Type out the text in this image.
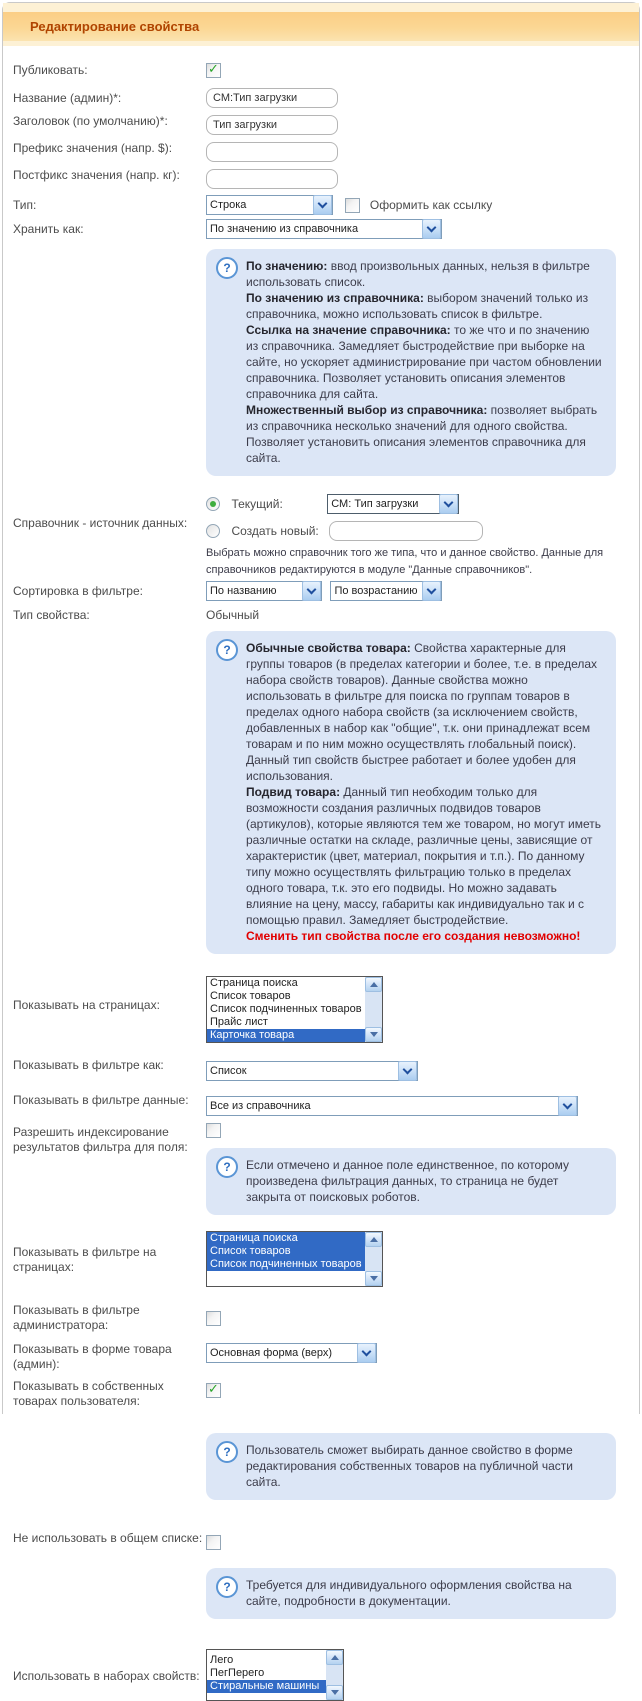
Редактирование свойства
Публиковать:	✓
Название (админ)*:
СМ:Тип загрузки
Заголовок (по умолчанию)*:
Тип загрузки
Префикс значения (напр. $):
Постфикс значения (напр. кг):
Тип:	Строка	Оформить как ссылку
Хранить как:	По значению из справочника
?	По значению: ввод произвольных данных, нельзя в фильтре использовать список.
По значению из справочника: выбором значений только из справочника, можно использовать список в фильтре.
Ссылка на значение справочника: то же что и по значению из справочника. Замедляет быстродействие при выборке на сайте, но ускоряет администрирование при частом обновлении справочника. Позволяет установить описания элементов справочника для сайта.
Множественный выбор из справочника: позволяет выбрать из справочника несколько значений для одного свойства. Позволяет установить описания элементов справочника для сайта.
Справочник - источник данных:
Текущий:	СМ: Тип загрузки
Создать новый:
Выбрать можно справочник того же типа, что и данное свойство. Данные для справочников редактируются в модуле "Данные справочников".
Сортировка в фильтре:	По названию
	По возрастанию
Тип свойства:	Обычный
?	Обычные свойства товара: Свойства характерные для группы товаров (в пределах категории и более, т.е. в пределах набора свойств товаров). Данные свойства можно использовать в фильтре для поиска по группам товаров в пределах одного набора свойств (за исключением свойств, добавленных в набор как "общие", т.к. они принадлежат всем товарам и по ним можно осуществлять глобальный поиск). Данный тип свойств быстрее работает и более удобен для использования.
Подвид товара: Данный тип необходим только для возможности создания различных подвидов товаров (артикулов), которые являются тем же товаром, но могут иметь различные остатки на складе, различные цены, зависящие от характеристик (цвет, материал, покрытия и т.п.). По данному типу можно осуществлять фильтрацию только в пределах одного товара, т.к. это его подвиды. Но можно задавать влияние на цену, массу, габариты как индивидуально так и с помощью правил. Замедляет быстродействие.
Сменить тип свойства после его создания невозможно!
Показывать на страницах:
Страница поиска
Список товаров
Список подчиненных товаров
Прайс лист
Карточка товара
Показывать в фильтре как:	Список
Показывать в фильтре данные:	Все из справочника
Разрешить индексирование результатов фильтра для поля:
?	Если отмечено и данное поле единственное, по которому произведена фильтрация данных, то страница не будет закрыта от поисковых роботов.
Показывать в фильтре на страницах:
Страница поиска
Список товаров
Список подчиненных товаров
Показывать в фильтре администратора:
Показывать в форме товара (админ):
Основная форма (верх)
Показывать в собственных товарах пользователя:
✓
?	Пользователь сможет выбирать данное свойство в форме редактирования собственных товаров на публичной части сайта.
Не использовать в общем списке:
?	Требуется для индивидуального оформления свойства на сайте, подробности в документации.
Использовать в наборах свойств:
Лего
ПегПерего
Стиральные машины
